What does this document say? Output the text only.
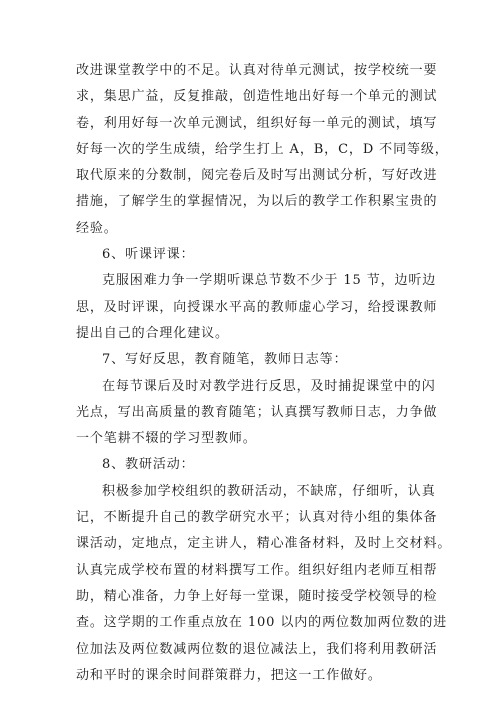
改进课堂教学中的不足。认真对待单元测试，按学校统一要
求，集思广益，反复推敲，创造性地出好每一个单元的测试
卷，利用好每一次单元测试，组织好每一单元的测试，填写
好每一次的学生成绩，给学生打上 A，B，C，D 不同等级，
取代原来的分数制，阅完卷后及时写出测试分析，写好改进
措施，了解学生的掌握情况，为以后的教学工作积累宝贵的
经验。
6、听课评课：
克服困难力争一学期听课总节数不少于 15 节，边听边
思，及时评课，向授课水平高的教师虚心学习，给授课教师
提出自己的合理化建议。
7、写好反思，教育随笔，教师日志等：
在每节课后及时对教学进行反思，及时捕捉课堂中的闪
光点，写出高质量的教育随笔；认真撰写教师日志，力争做
一个笔耕不辍的学习型教师。
8、教研活动：
积极参加学校组织的教研活动，不缺席，仔细听，认真
记，不断提升自己的教学研究水平；认真对待小组的集体备
课活动，定地点，定主讲人，精心准备材料，及时上交材料。
认真完成学校布置的材料撰写工作。组织好组内老师互相帮
助，精心准备，力争上好每一堂课，随时接受学校领导的检
查。这学期的工作重点放在 100 以内的两位数加两位数的进
位加法及两位数减两位数的退位减法上，我们将利用教研活
动和平时的课余时间群策群力，把这一工作做好。
